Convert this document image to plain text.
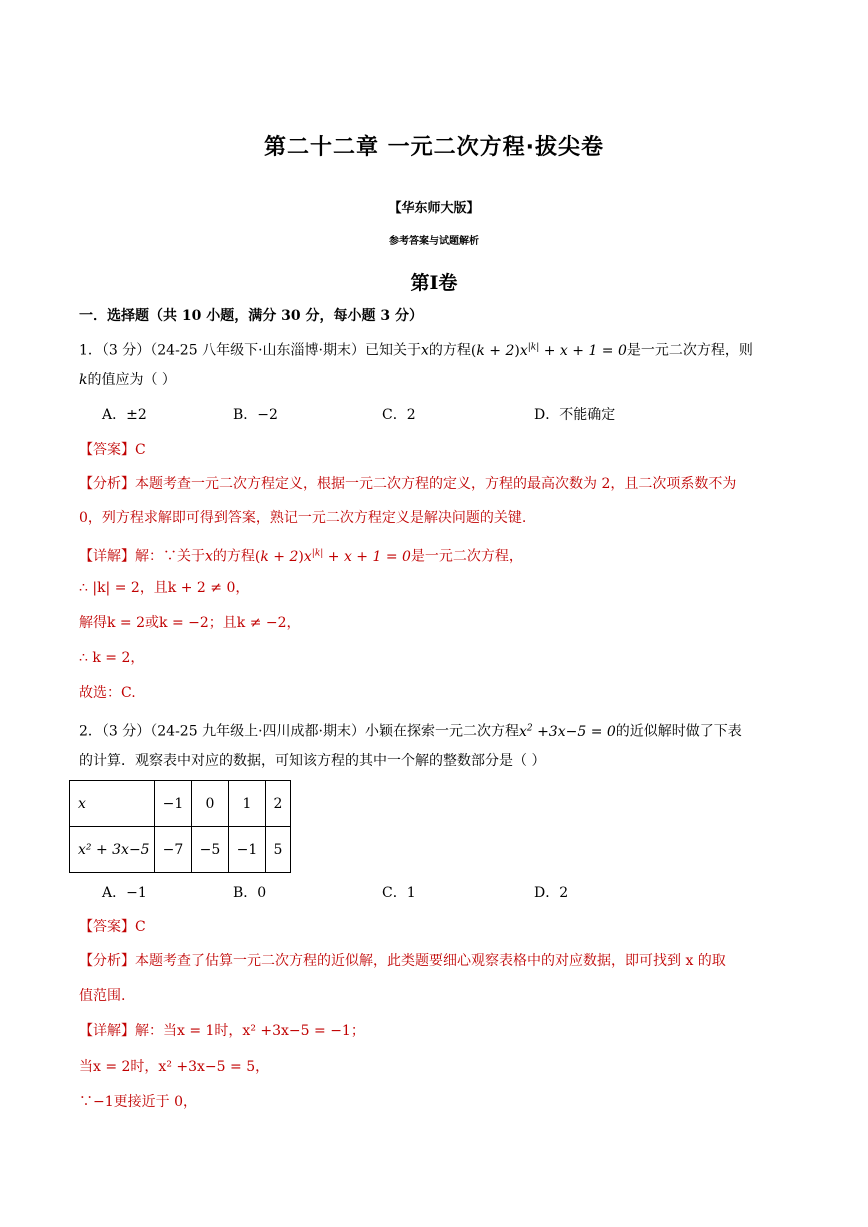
第二十二章 一元二次方程·拔尖卷
【华东师大版】
参考答案与试题解析
第Ⅰ卷
一．选择题（共 10 小题，满分 30 分，每小题 3 分）
1．（3 分）（24-25 八年级下·山东淄博·期末）已知关于x的方程$(k + 2)x^{|k|} + x + 1 = 0$是一元二次方程，则
k的值应为（ ）
A．±2	B．−2	C．2	D．不能确定
【答案】C
【分析】本题考查一元二次方程定义，根据一元二次方程的定义，方程的最高次数为 2，且二次项系数不为
0，列方程求解即可得到答案，熟记一元二次方程定义是解决问题的关键.
【详解】解：∵关于x的方程$(k + 2)x^{|k|} + x + 1 = 0$是一元二次方程，
∴ |k| = 2，且k + 2 ≠ 0，
解得k = 2或k = −2；且k ≠ −2，
∴ k = 2，
故选：C.
2．（3 分）（24-25 九年级上·四川成都·期末）小颖在探索一元二次方程$x^2 +3x-5 = 0$的近似解时做了下表
的计算．观察表中对应的数据，可知该方程的其中一个解的整数部分是（ ）
x	−1	0	1	2
x² + 3x−5	−7	−5	−1	5
A．−1	B．0	C．1	D．2
【答案】C
【分析】本题考查了估算一元二次方程的近似解，此类题要细心观察表格中的对应数据，即可找到 x 的取
值范围.
【详解】解：当x = 1时，x² +3x−5 = −1；
当x = 2时，x² +3x−5 = 5，
∵−1更接近于 0，
